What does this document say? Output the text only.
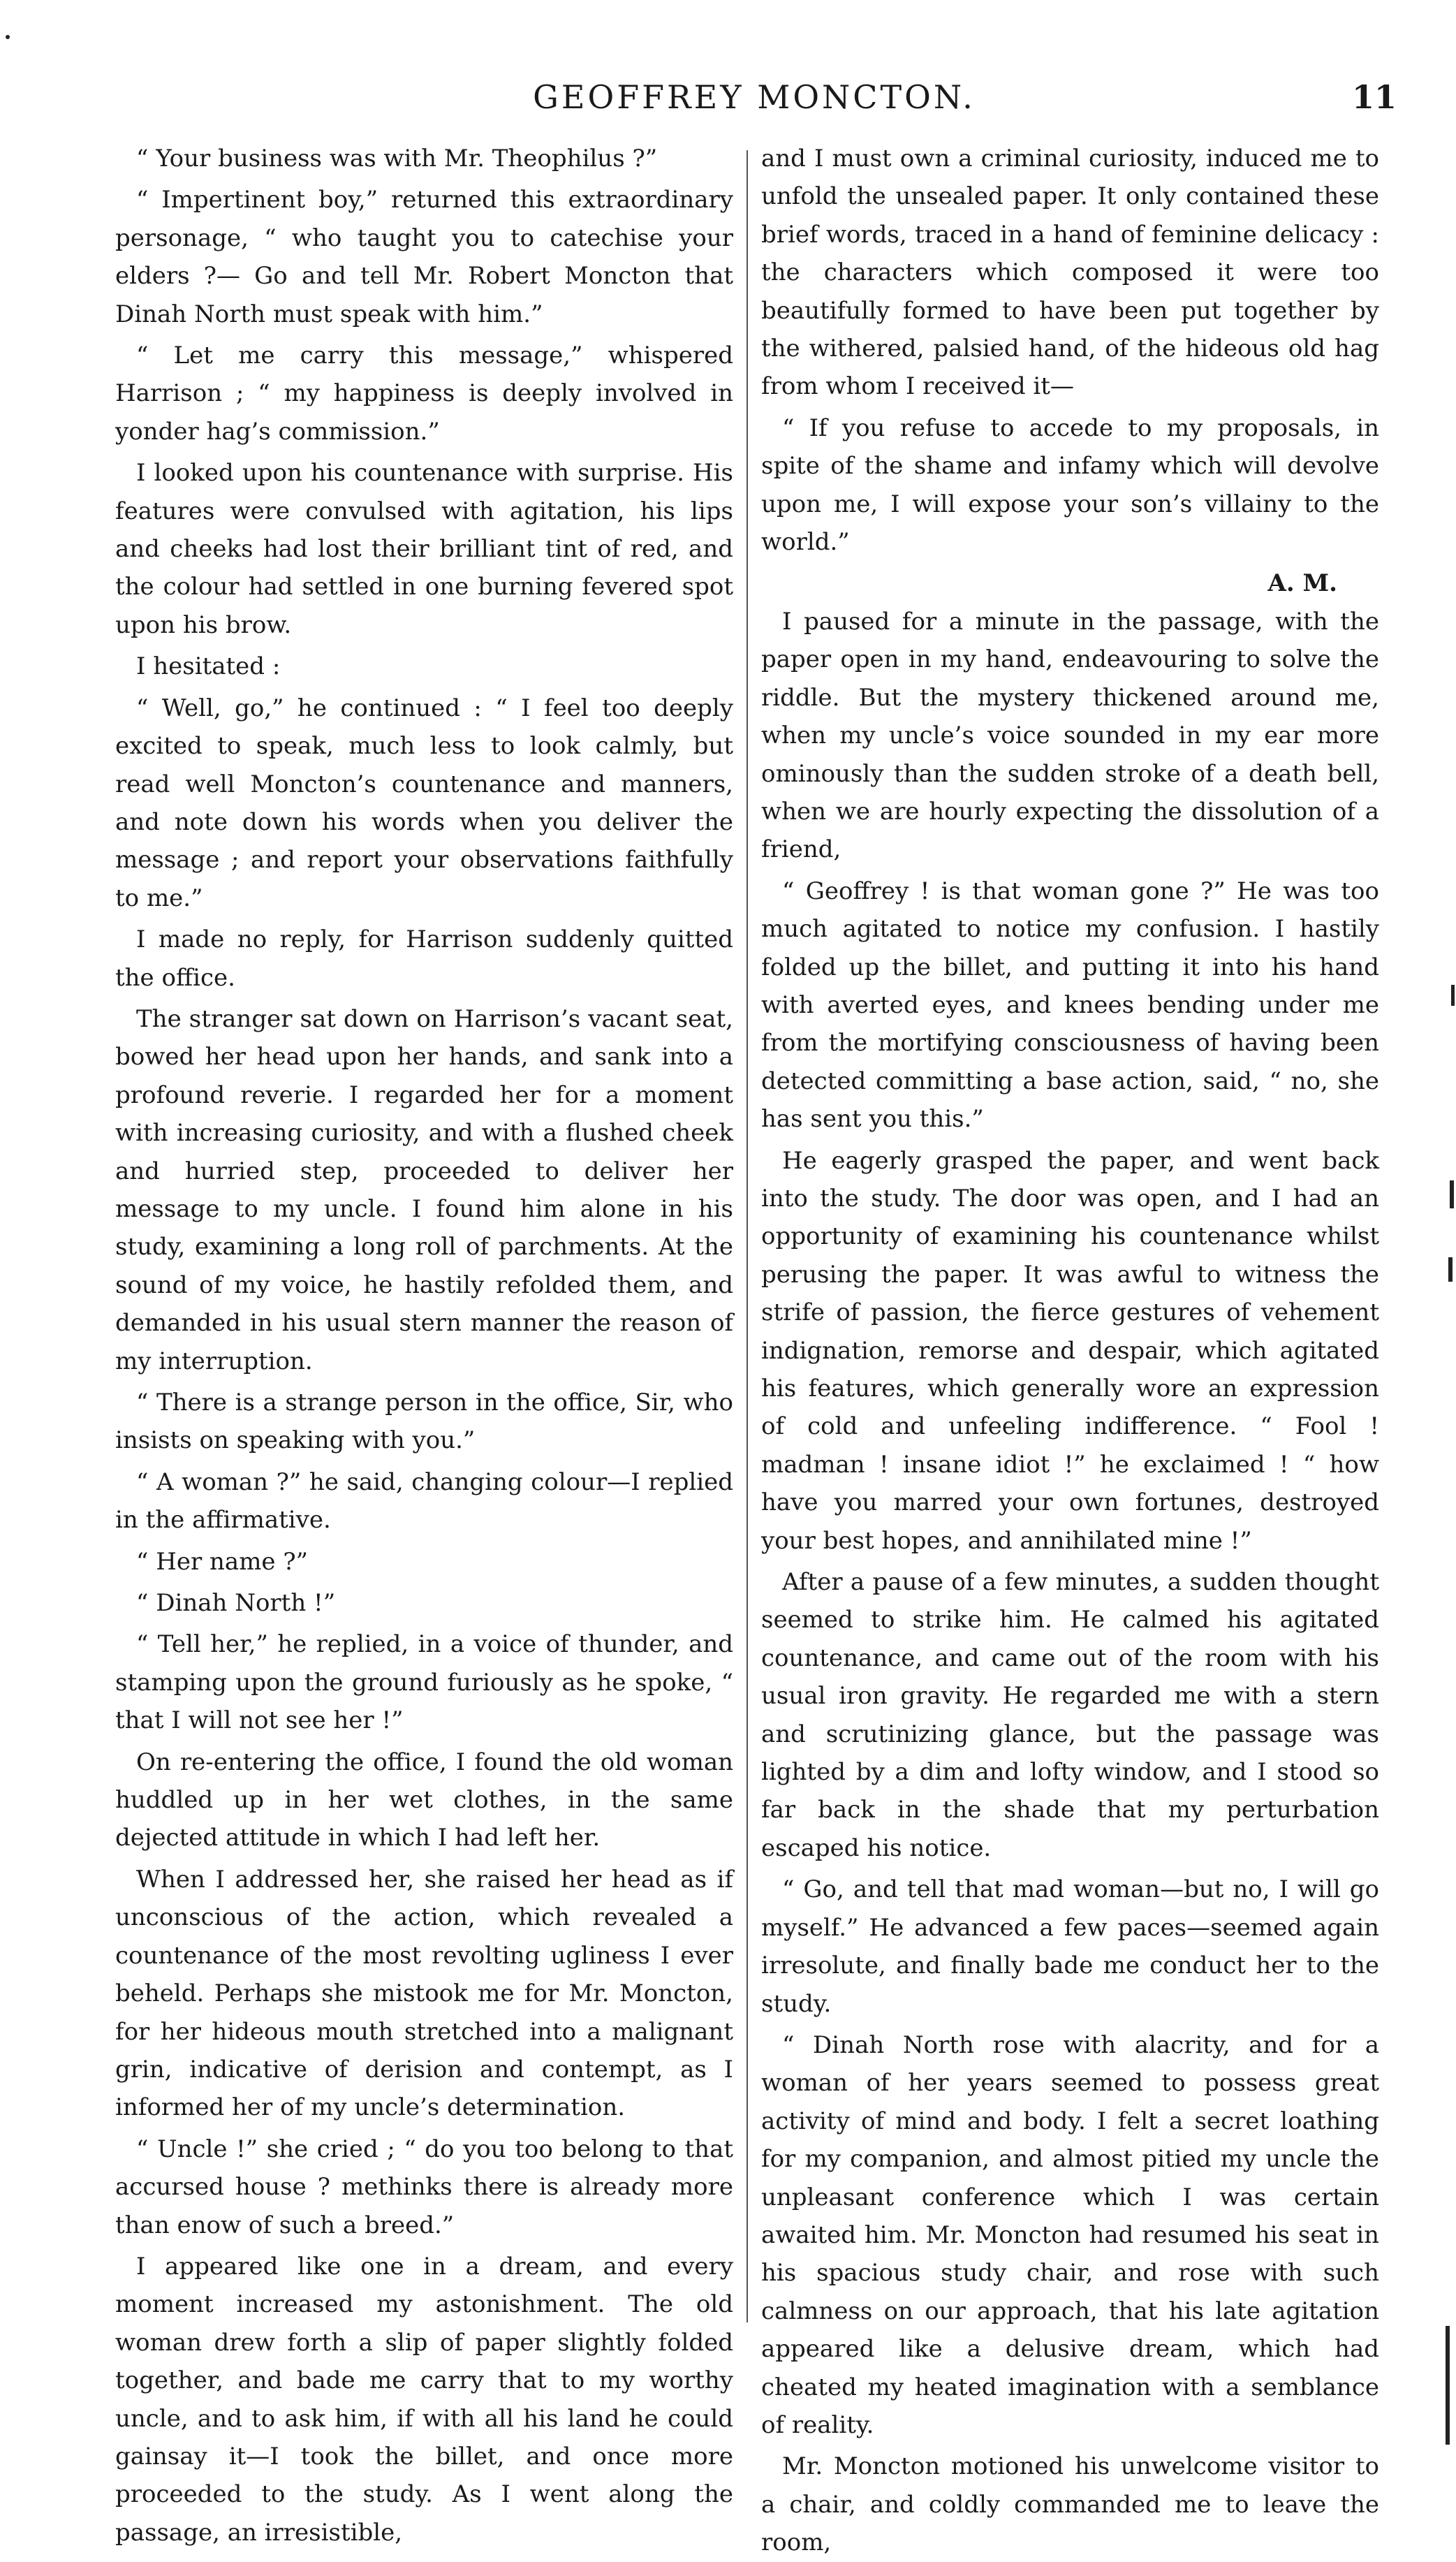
GEOFFREY MONCTON.	11

“ Your business was with Mr. Theophilus ?”

“ Impertinent boy,” returned this extraordinary personage, “ who taught you to catechise your elders ?— Go and tell Mr. Robert Moncton that Dinah North must speak with him.”

“ Let me carry this message,” whispered Harrison ; “ my happiness is deeply involved in yonder hag’s commission.”

I looked upon his countenance with surprise. His features were convulsed with agitation, his lips and cheeks had lost their brilliant tint of red, and the colour had settled in one burning fevered spot upon his brow.

I hesitated :

“ Well, go,” he continued : “ I feel too deeply excited to speak, much less to look calmly, but read well Moncton’s countenance and manners, and note down his words when you deliver the message ; and report your observations faithfully to me.”

I made no reply, for Harrison suddenly quitted the office.

The stranger sat down on Harrison’s vacant seat, bowed her head upon her hands, and sank into a profound reverie. I regarded her for a moment with increasing curiosity, and with a flushed cheek and hurried step, proceeded to deliver her message to my uncle. I found him alone in his study, examining a long roll of parchments. At the sound of my voice, he hastily refolded them, and demanded in his usual stern manner the reason of my interruption.

“ There is a strange person in the office, Sir, who insists on speaking with you.”

“ A woman ?” he said, changing colour—I replied in the affirmative.

“ Her name ?”

“ Dinah North !”

“ Tell her,” he replied, in a voice of thunder, and stamping upon the ground furiously as he spoke, “ that I will not see her !”

On re-entering the office, I found the old woman huddled up in her wet clothes, in the same dejected attitude in which I had left her.

When I addressed her, she raised her head as if unconscious of the action, which revealed a countenance of the most revolting ugliness I ever beheld. Perhaps she mistook me for Mr. Moncton, for her hideous mouth stretched into a malignant grin, indicative of derision and contempt, as I informed her of my uncle’s determination.

“ Uncle !” she cried ; “ do you too belong to that accursed house ? methinks there is already more than enow of such a breed.”

I appeared like one in a dream, and every moment increased my astonishment. The old woman drew forth a slip of paper slightly folded together, and bade me carry that to my worthy uncle, and to ask him, if with all his land he could gainsay it—I took the billet, and once more proceeded to the study. As I went along the passage, an irresistible,

and I must own a criminal curiosity, induced me to unfold the unsealed paper. It only contained these brief words, traced in a hand of feminine delicacy : the characters which composed it were too beautifully formed to have been put together by the withered, palsied hand, of the hideous old hag from whom I received it—

“ If you refuse to accede to my proposals, in spite of the shame and infamy which will devolve upon me, I will expose your son’s villainy to the world.”

A. M.

I paused for a minute in the passage, with the paper open in my hand, endeavouring to solve the riddle. But the mystery thickened around me, when my uncle’s voice sounded in my ear more ominously than the sudden stroke of a death bell, when we are hourly expecting the dissolution of a friend,

“ Geoffrey ! is that woman gone ?” He was too much agitated to notice my confusion. I hastily folded up the billet, and putting it into his hand with averted eyes, and knees bending under me from the mortifying consciousness of having been detected committing a base action, said, “ no, she has sent you this.”

He eagerly grasped the paper, and went back into the study. The door was open, and I had an opportunity of examining his countenance whilst perusing the paper. It was awful to witness the strife of passion, the fierce gestures of vehement indignation, remorse and despair, which agitated his features, which generally wore an expression of cold and unfeeling indifference. “ Fool ! madman ! insane idiot !” he exclaimed ! “ how have you marred your own fortunes, destroyed your best hopes, and annihilated mine !”

After a pause of a few minutes, a sudden thought seemed to strike him. He calmed his agitated countenance, and came out of the room with his usual iron gravity. He regarded me with a stern and scrutinizing glance, but the passage was lighted by a dim and lofty window, and I stood so far back in the shade that my perturbation escaped his notice.

“ Go, and tell that mad woman—but no, I will go myself.” He advanced a few paces—seemed again irresolute, and finally bade me conduct her to the study.

“ Dinah North rose with alacrity, and for a woman of her years seemed to possess great activity of mind and body. I felt a secret loathing for my companion, and almost pitied my uncle the unpleasant conference which I was certain awaited him. Mr. Moncton had resumed his seat in his spacious study chair, and rose with such calmness on our approach, that his late agitation appeared like a delusive dream, which had cheated my heated imagination with a semblance of reality.

Mr. Moncton motioned his unwelcome visitor to a chair, and coldly commanded me to leave the room,
